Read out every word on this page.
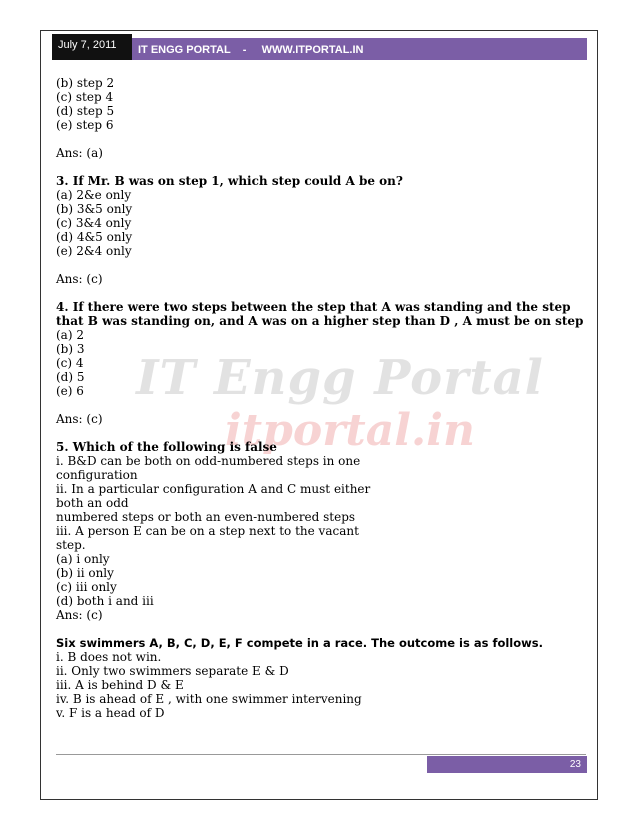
July 7, 2011	IT ENGG PORTAL    -     WWW.ITPORTAL.IN
IT Engg Portal
itportal.in

(b) step 2

(c) step 4

(d) step 5

(e) step 6

Ans: (a)

3. If Mr. B was on step 1, which step could A be on?

(a) 2&e only

(b) 3&5 only

(c) 3&4 only

(d) 4&5 only

(e) 2&4 only

Ans: (c)

4. If there were two steps between the step that A was standing and the step that B was standing on, and A was on a higher step than D , A must be on step

(a) 2

(b) 3

(c) 4

(d) 5

(e) 6

Ans: (c)

5. Which of the following is false

i. B&D can be both on odd-numbered steps in one

configuration

ii. In a particular configuration A and C must either

both an odd

numbered steps or both an even-numbered steps

iii. A person E can be on a step next to the vacant

step.

(a) i only

(b) ii only

(c) iii only

(d) both i and iii

Ans: (c)

Six swimmers A, B, C, D, E, F compete in a race. The outcome is as follows.

i. B does not win.

ii. Only two swimmers separate E & D

iii. A is behind D & E

iv. B is ahead of E , with one swimmer intervening

v. F is a head of D

23
